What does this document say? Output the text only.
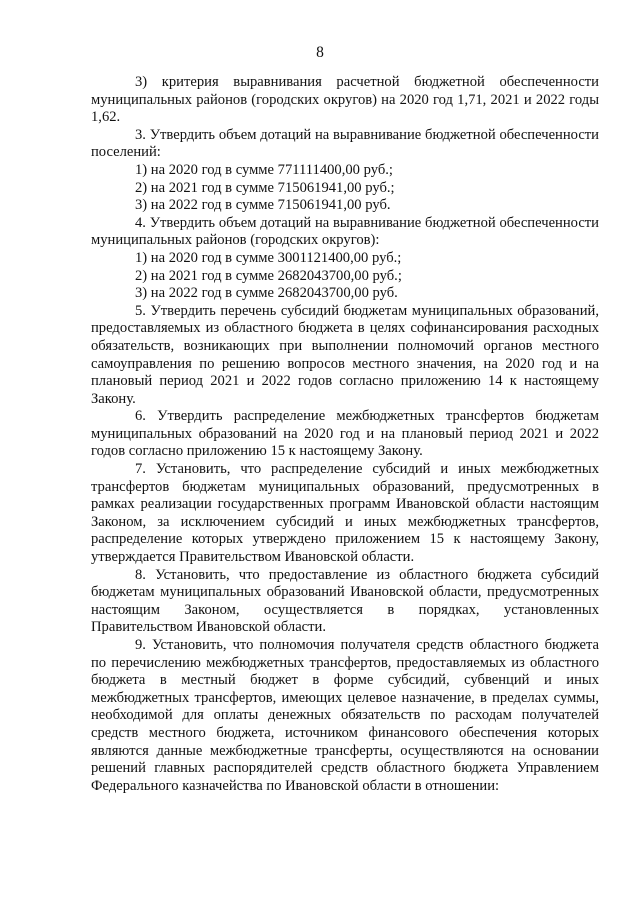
8

3) критерия выравнивания расчетной бюджетной обеспеченности муниципальных районов (городских округов) на 2020 год 1,71, 2021 и 2022 годы 1,62.

3. Утвердить объем дотаций на выравнивание бюджетной обеспеченности поселений:

1) на 2020 год в сумме 771111400,00 руб.;

2) на 2021 год в сумме 715061941,00 руб.;

3) на 2022 год в сумме 715061941,00 руб.

4. Утвердить объем дотаций на выравнивание бюджетной обеспеченности муниципальных районов (городских округов):

1) на 2020 год в сумме 3001121400,00 руб.;

2) на 2021 год в сумме 2682043700,00 руб.;

3) на 2022 год в сумме 2682043700,00 руб.

5. Утвердить перечень субсидий бюджетам муниципальных образований, предоставляемых из областного бюджета в целях софинансирования расходных обязательств, возникающих при выполнении полномочий органов местного самоуправления по решению вопросов местного значения, на 2020 год и на плановый период 2021 и 2022 годов согласно приложению 14 к настоящему Закону.

6. Утвердить распределение межбюджетных трансфертов бюджетам муниципальных образований на 2020 год и на плановый период 2021 и 2022 годов согласно приложению 15 к настоящему Закону.

7. Установить, что распределение субсидий и иных межбюджетных трансфертов бюджетам муниципальных образований, предусмотренных в рамках реализации государственных программ Ивановской области настоящим Законом, за исключением субсидий и иных межбюджетных трансфертов, распределение которых утверждено приложением 15 к настоящему Закону, утверждается Правительством Ивановской области.

8. Установить, что предоставление из областного бюджета субсидий бюджетам муниципальных образований Ивановской области, предусмотренных настоящим Законом, осуществляется в порядках, установленных Правительством Ивановской области.

9. Установить, что полномочия получателя средств областного бюджета по перечислению межбюджетных трансфертов, предоставляемых из областного бюджета в местный бюджет в форме субсидий, субвенций и иных межбюджетных трансфертов, имеющих целевое назначение, в пределах суммы, необходимой для оплаты денежных обязательств по расходам получателей средств местного бюджета, источником финансового обеспечения которых являются данные межбюджетные трансферты, осуществляются на основании решений главных распорядителей средств областного бюджета Управлением Федерального казначейства по Ивановской области в отношении:
